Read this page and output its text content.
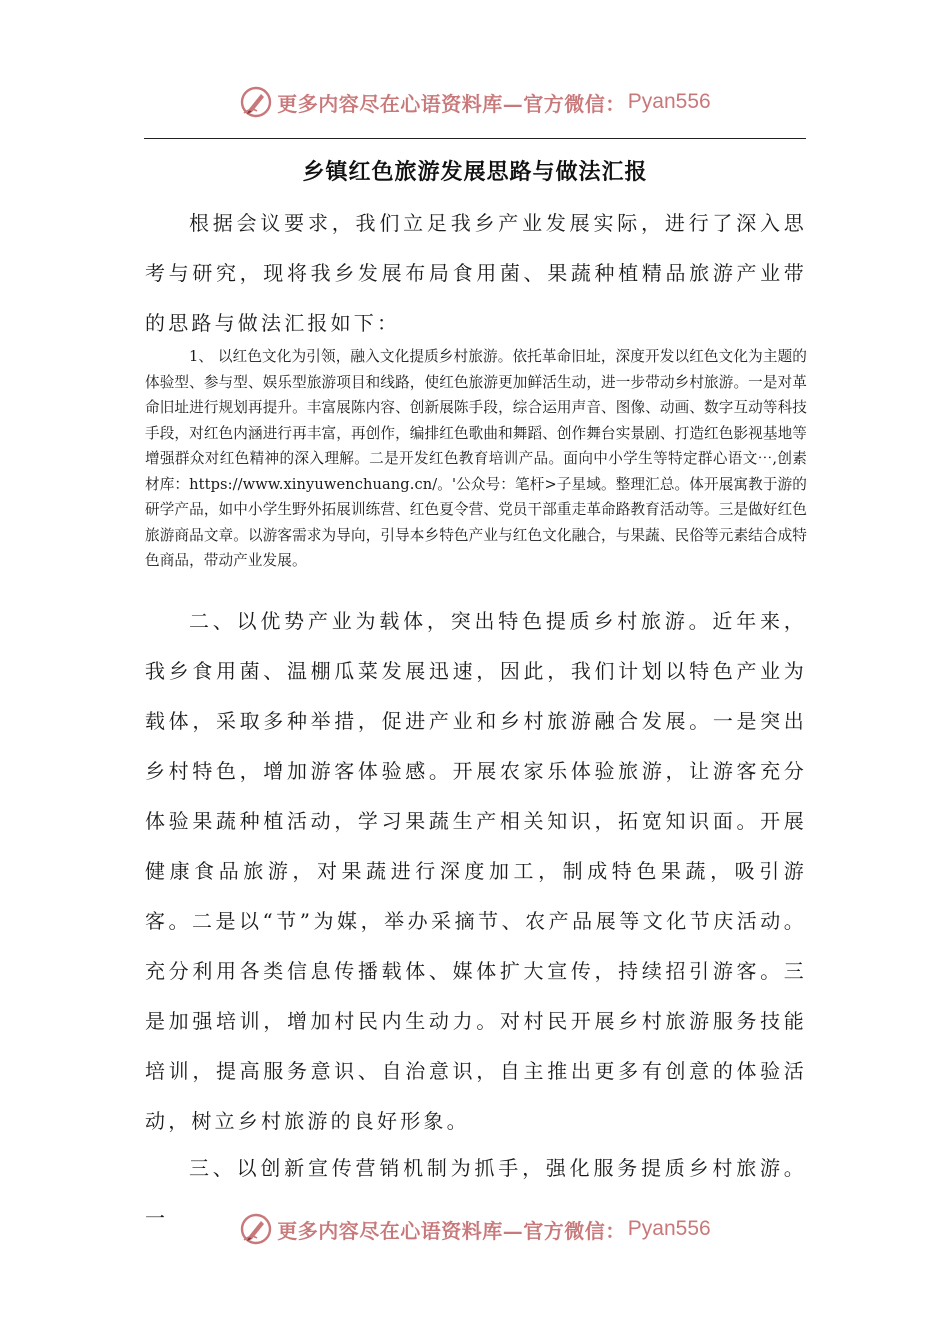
更多内容尽在心语资料库—官方微信： Pyan556
乡镇红色旅游发展思路与做法汇报

根据会议要求，我们立足我乡产业发展实际，进行了深入思考与研究，现将我乡发展布局食用菌、果蔬种植精品旅游产业带的思路与做法汇报如下：

1、 以红色文化为引领，融入文化提质乡村旅游。依托革命旧址，深度开发以红色文化为主题的体验型、参与型、娱乐型旅游项目和线路，使红色旅游更加鲜活生动，进一步带动乡村旅游。一是对革命旧址进行规划再提升。丰富展陈内容、创新展陈手段，综合运用声音、图像、动画、数字互动等科技手段，对红色内涵进行再丰富，再创作，编排红色歌曲和舞蹈、创作舞台实景剧、打造红色影视基地等增强群众对红色精神的深入理解。二是开发红色教育培训产品。面向中小学生等特定群心语文⋯,创素材库：https://www.xinyuwenchuang.cn/。'公众号：笔杆>子星域。整理汇总。体开展寓教于游的研学产品，如中小学生野外拓展训练营、红色夏令营、党员干部重走革命路教育活动等。三是做好红色旅游商品文章。以游客需求为导向，引导本乡特色产业与红色文化融合，与果蔬、民俗等元素结合成特色商品，带动产业发展。

二、以优势产业为载体，突出特色提质乡村旅游。近年来，我乡食用菌、温棚瓜菜发展迅速，因此，我们计划以特色产业为载体，采取多种举措，促进产业和乡村旅游融合发展。一是突出乡村特色，增加游客体验感。开展农家乐体验旅游，让游客充分体验果蔬种植活动，学习果蔬生产相关知识，拓宽知识面。开展健康食品旅游，对果蔬进行深度加工，制成特色果蔬，吸引游客。二是以“节”为媒，举办采摘节、农产品展等文化节庆活动。充分利用各类信息传播载体、媒体扩大宣传，持续招引游客。三是加强培训，增加村民内生动力。对村民开展乡村旅游服务技能培训，提高服务意识、自治意识，自主推出更多有创意的体验活动，树立乡村旅游的良好形象。

三、以创新宣传营销机制为抓手，强化服务提质乡村旅游。一

更多内容尽在心语资料库—官方微信： Pyan556
